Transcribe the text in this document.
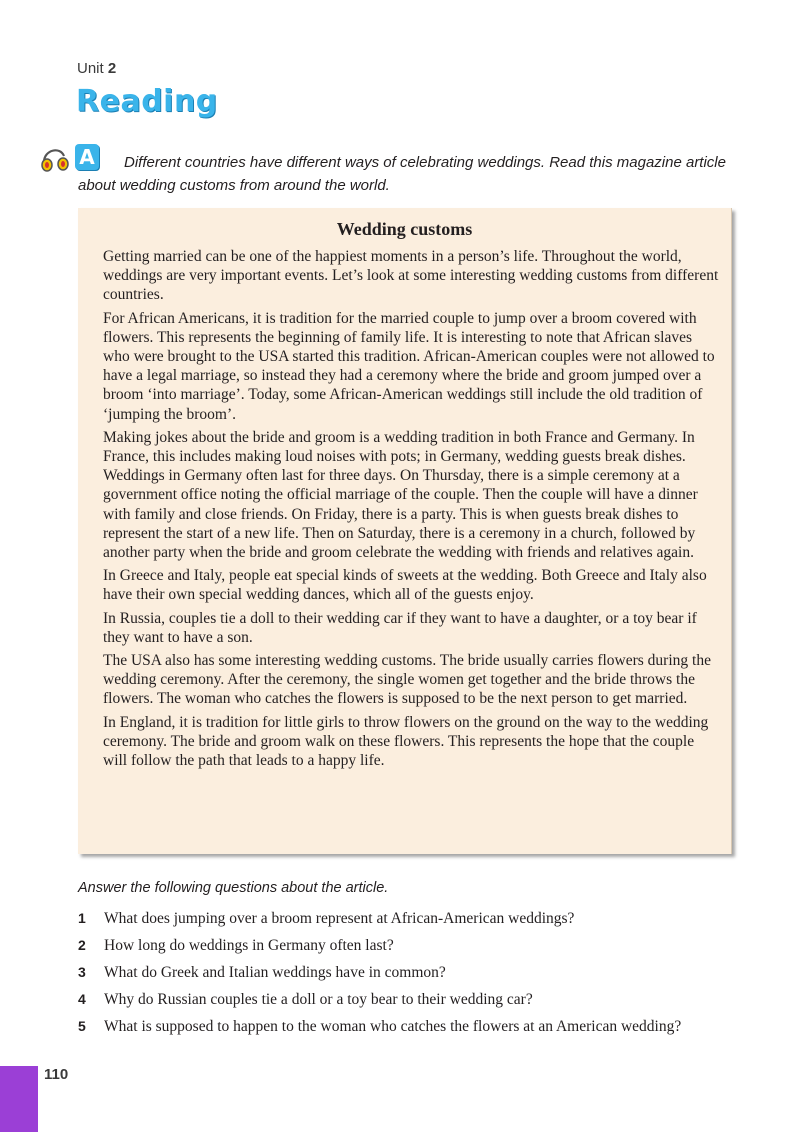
Unit 2
Reading
A	Different countries have different ways of celebrating weddings. Read this magazine article about wedding customs from around the world.
Wedding customs

Getting married can be one of the happiest moments in a person’s life. Throughout the world, weddings are very important events. Let’s look at some interesting wedding customs from different countries.

For African Americans, it is tradition for the married couple to jump over a broom covered with flowers. This represents the beginning of family life. It is interesting to note that African slaves who were brought to the USA started this tradition. African-American couples were not allowed to have a legal marriage, so instead they had a ceremony where the bride and groom jumped over a broom ‘into marriage’. Today, some African-American weddings still include the old tradition of ‘jumping the broom’.

Making jokes about the bride and groom is a wedding tradition in both France and Germany. In France, this includes making loud noises with pots; in Germany, wedding guests break dishes. Weddings in Germany often last for three days. On Thursday, there is a simple ceremony at a government office noting the official marriage of the couple. Then the couple will have a dinner with family and close friends. On Friday, there is a party. This is when guests break dishes to represent the start of a new life. Then on Saturday, there is a ceremony in a church, followed by another party when the bride and groom celebrate the wedding with friends and relatives again.

In Greece and Italy, people eat special kinds of sweets at the wedding. Both Greece and Italy also have their own special wedding dances, which all of the guests enjoy.

In Russia, couples tie a doll to their wedding car if they want to have a daughter, or a toy bear if they want to have a son.

The USA also has some interesting wedding customs. The bride usually carries flowers during the wedding ceremony. After the ceremony, the single women get together and the bride throws the flowers. The woman who catches the flowers is supposed to be the next person to get married.

In England, it is tradition for little girls to throw flowers on the ground on the way to the wedding ceremony. The bride and groom walk on these flowers. This represents the hope that the couple will follow the path that leads to a happy life.

Answer the following questions about the article.
1 What does jumping over a broom represent at African-American weddings?
2 How long do weddings in Germany often last?
3 What do Greek and Italian weddings have in common?
4 Why do Russian couples tie a doll or a toy bear to their wedding car?
5 What is supposed to happen to the woman who catches the flowers at an American wedding?
110
